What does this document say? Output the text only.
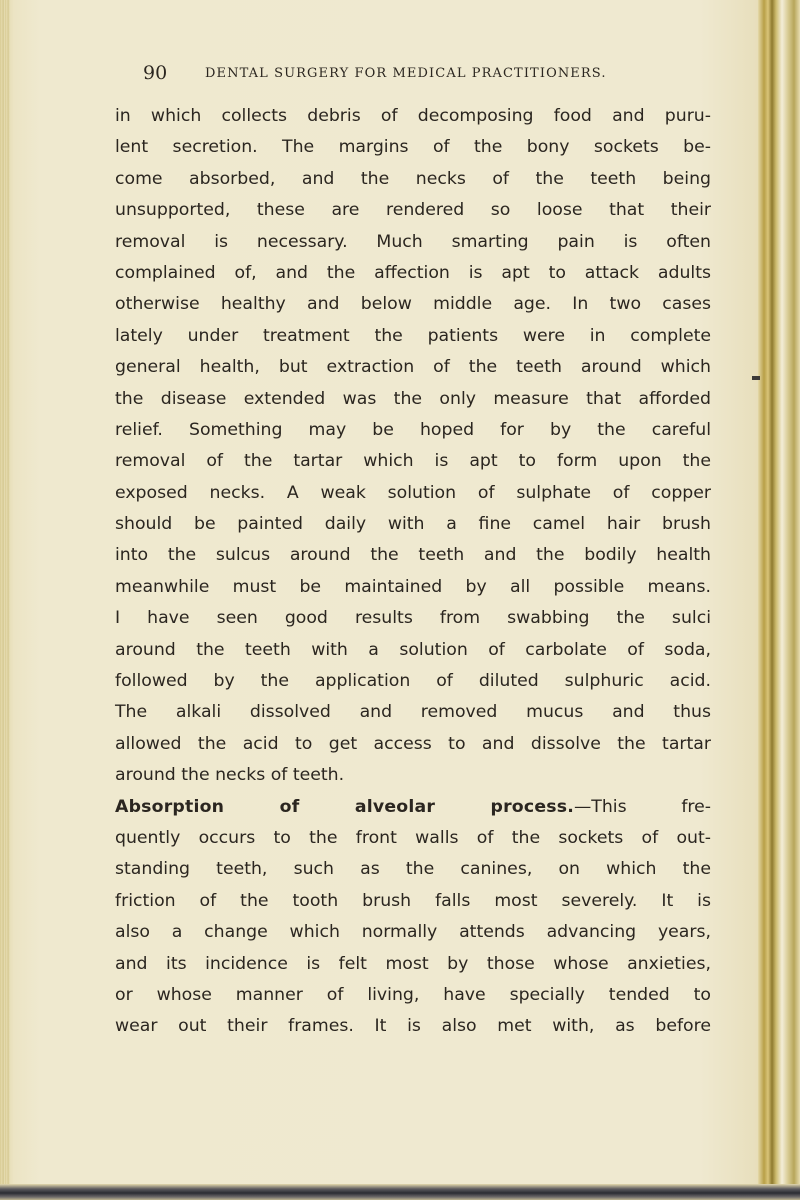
90	DENTAL SURGERY FOR MEDICAL PRACTITIONERS.
in which collects debris of decomposing food and puru-
lent secretion. The margins of the bony sockets be-
come absorbed, and the necks of the teeth being
unsupported, these are rendered so loose that their
removal is necessary. Much smarting pain is often
complained of, and the affection is apt to attack adults
otherwise healthy and below middle age. In two cases
lately under treatment the patients were in complete
general health, but extraction of the teeth around which
the disease extended was the only measure that afforded
relief. Something may be hoped for by the careful
removal of the tartar which is apt to form upon the
exposed necks. A weak solution of sulphate of copper
should be painted daily with a fine camel hair brush
into the sulcus around the teeth and the bodily health
meanwhile must be maintained by all possible means.
I have seen good results from swabbing the sulci
around the teeth with a solution of carbolate of soda,
followed by the application of diluted sulphuric acid.
The alkali dissolved and removed mucus and thus
allowed the acid to get access to and dissolve the tartar
around the necks of teeth.
Absorption of alveolar process.—This fre-
quently occurs to the front walls of the sockets of out-
standing teeth, such as the canines, on which the
friction of the tooth brush falls most severely. It is
also a change which normally attends advancing years,
and its incidence is felt most by those whose anxieties,
or whose manner of living, have specially tended to
wear out their frames. It is also met with, as before
